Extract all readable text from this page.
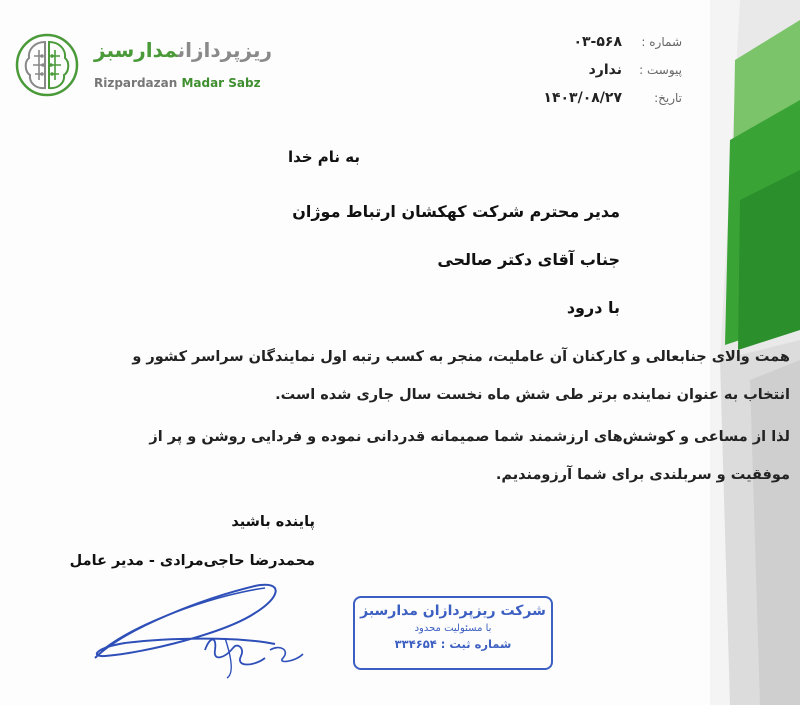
ریزپردازانمدارسبز
Rizpardazan Madar Sabz
شماره :
۰۳-۵۶۸
پیوست :
ندارد
تاریخ:
۱۴۰۳/۰۸/۲۷
به نام خدا
مدیر محترم شرکت کهکشان ارتباط موژان
جناب آقای دکتر صالحی
با درود
همت والای جنابعالی و کارکنان آن عاملیت، منجر به کسب رتبه اول نمایندگان سراسر کشور و
انتخاب به عنوان نماینده برتر طی شش ماه نخست سال جاری شده است.
لذا از مساعی و کوشش‌های ارزشمند شما صمیمانه قدردانی نموده و فردایی روشن و پر از
موفقیت و سربلندی برای شما آرزومندیم.
پاینده باشید
محمدرضا حاجی‌مرادی - مدیر عامل
شرکت ریزپردازان مدارسبز
با مسئولیت محدود
شماره ثبت : ۳۳۴۶۵۴
